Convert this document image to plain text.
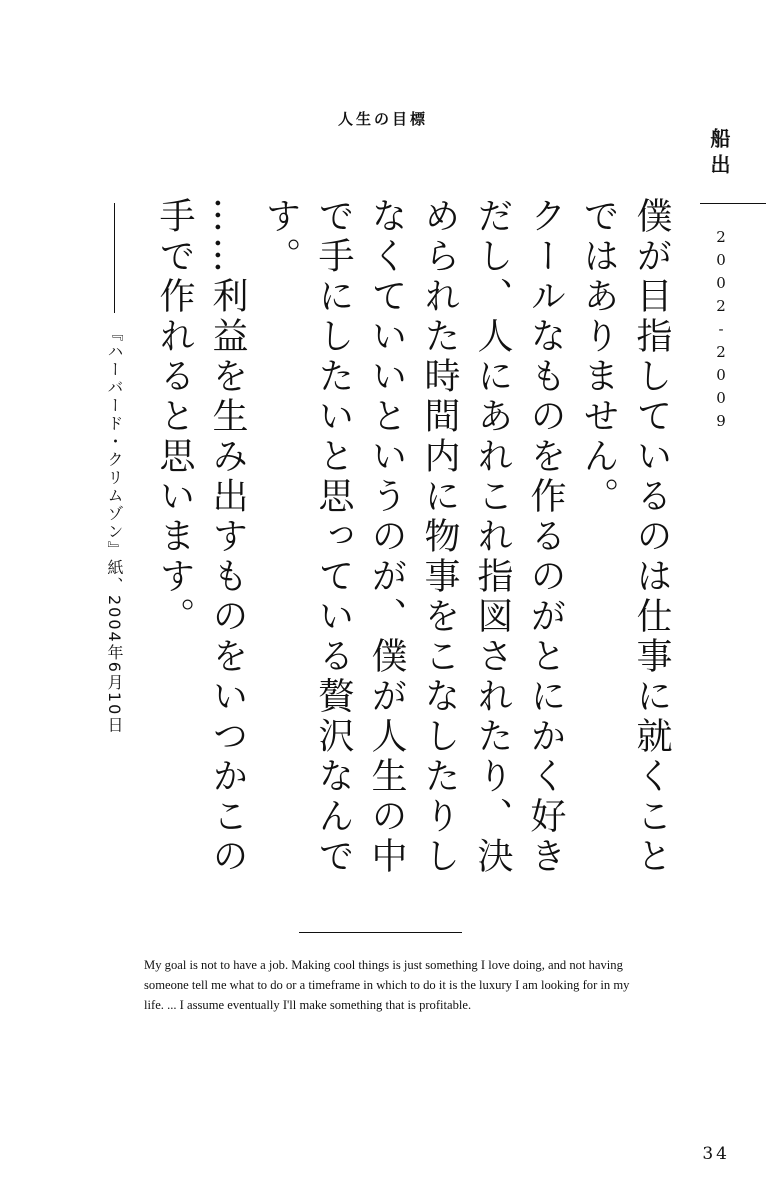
人生の目標
船出
2002-2009

僕が目指しているのは仕事に就くことではありません。

クールなものを作るのがとにかく好きだし、人にあれこれ指図されたり、決められた時間内に物事をこなしたりしなくていいというのが、僕が人生の中で手にしたいと思っている贅沢なんです。

……利益を生み出すものをいつかこの手で作れると思います。

『ハーバード・クリムゾン』紙、2004年6月10日

My goal is not to have a job. Making cool things is just something I love doing, and not having someone tell me what to do or a timeframe in which to do it is the luxury I am looking for in my life. ... I assume eventually I'll make something that is profitable.

34
